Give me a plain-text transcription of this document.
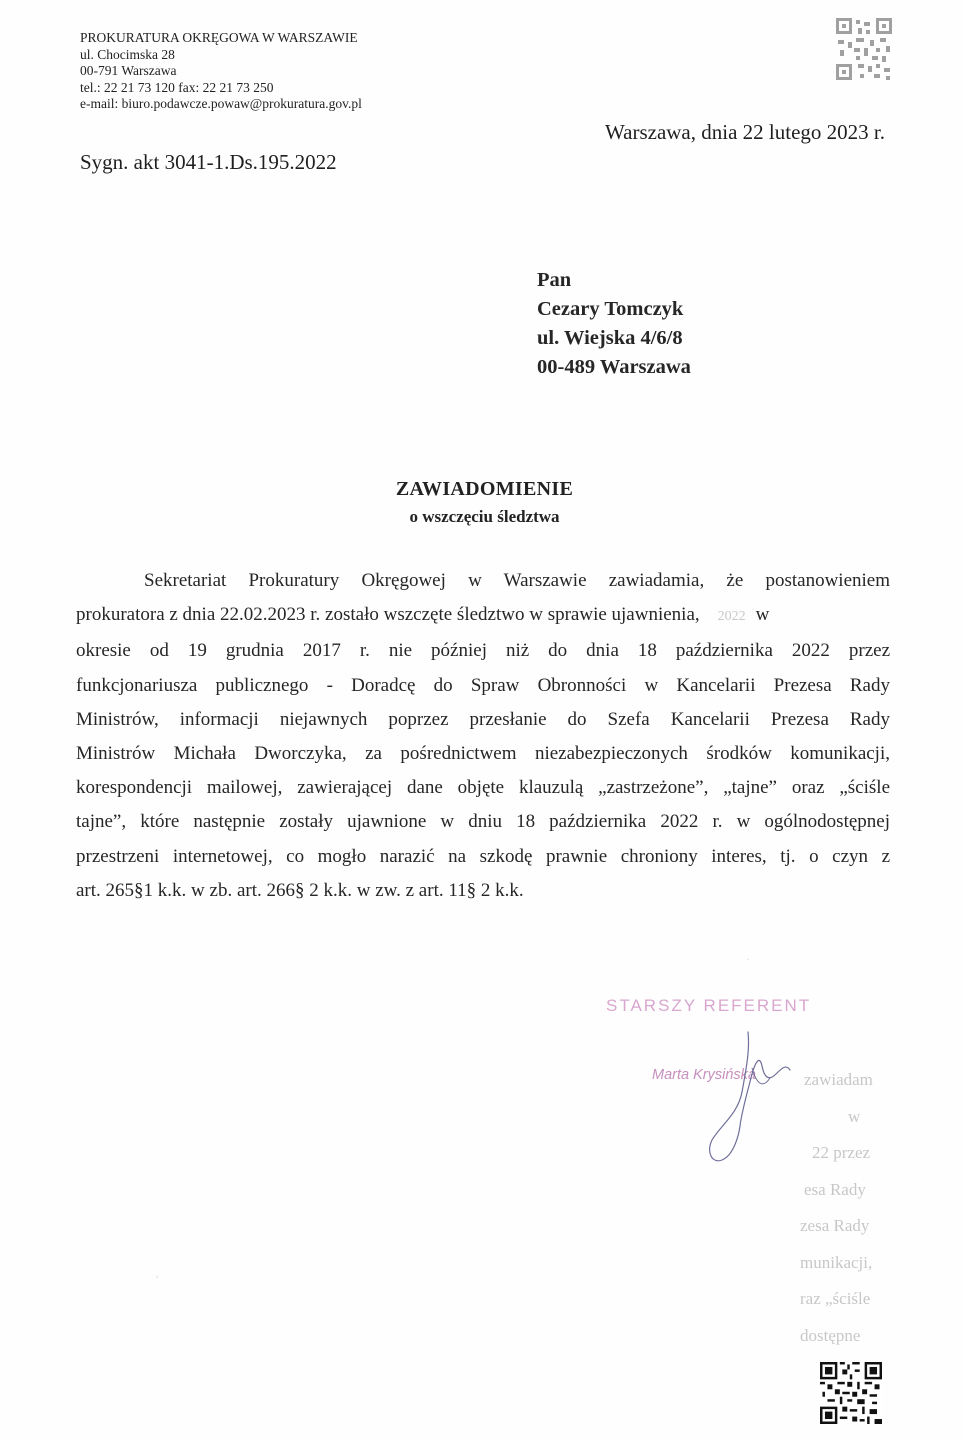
PROKURATURA OKRĘGOWA W WARSZAWIE
ul. Chocimska 28
00-791 Warszawa
tel.: 22 21 73 120 fax: 22 21 73 250
e-mail: biuro.podawcze.powaw@prokuratura.gov.pl
Warszawa, dnia 22 lutego 2023 r.
Sygn. akt 3041-1.Ds.195.2022
Pan
Cezary Tomczyk
ul. Wiejska 4/6/8
00-489 Warszawa
ZAWIADOMIENIE
o wszczęciu śledztwa
Sekretariat Prokuratury Okręgowej w Warszawie zawiadamia, że postanowieniem
prokuratora z dnia 22.02.2023 r. zostało wszczęte śledztwo w sprawie ujawnienia, 2022 w
okresie od 19 grudnia 2017 r. nie później niż do dnia 18 października 2022 przez
funkcjonariusza publicznego - Doradcę do Spraw Obronności w Kancelarii Prezesa Rady
Ministrów, informacji niejawnych poprzez przesłanie do Szefa Kancelarii Prezesa Rady
Ministrów Michała Dworczyka, za pośrednictwem niezabezpieczonych środków komunikacji,
korespondencji mailowej, zawierającej dane objęte klauzulą „zastrzeżone”, „tajne” oraz „ściśle
tajne”, które następnie zostały ujawnione w dniu 18 października 2022 r. w ogólnodostępnej
przestrzeni internetowej, co mogło narazić na szkodę prawnie chroniony interes, tj. o czyn z
art. 265§1 k.k. w zb. art. 266§ 2 k.k. w zw. z art. 11§ 2 k.k.
STARSZY REFERENT
Marta Krysińska	zawiadam
w
22 przez
esa Rady
zesa Rady
munikacji,
raz „ściśle
dostępne
'
·
